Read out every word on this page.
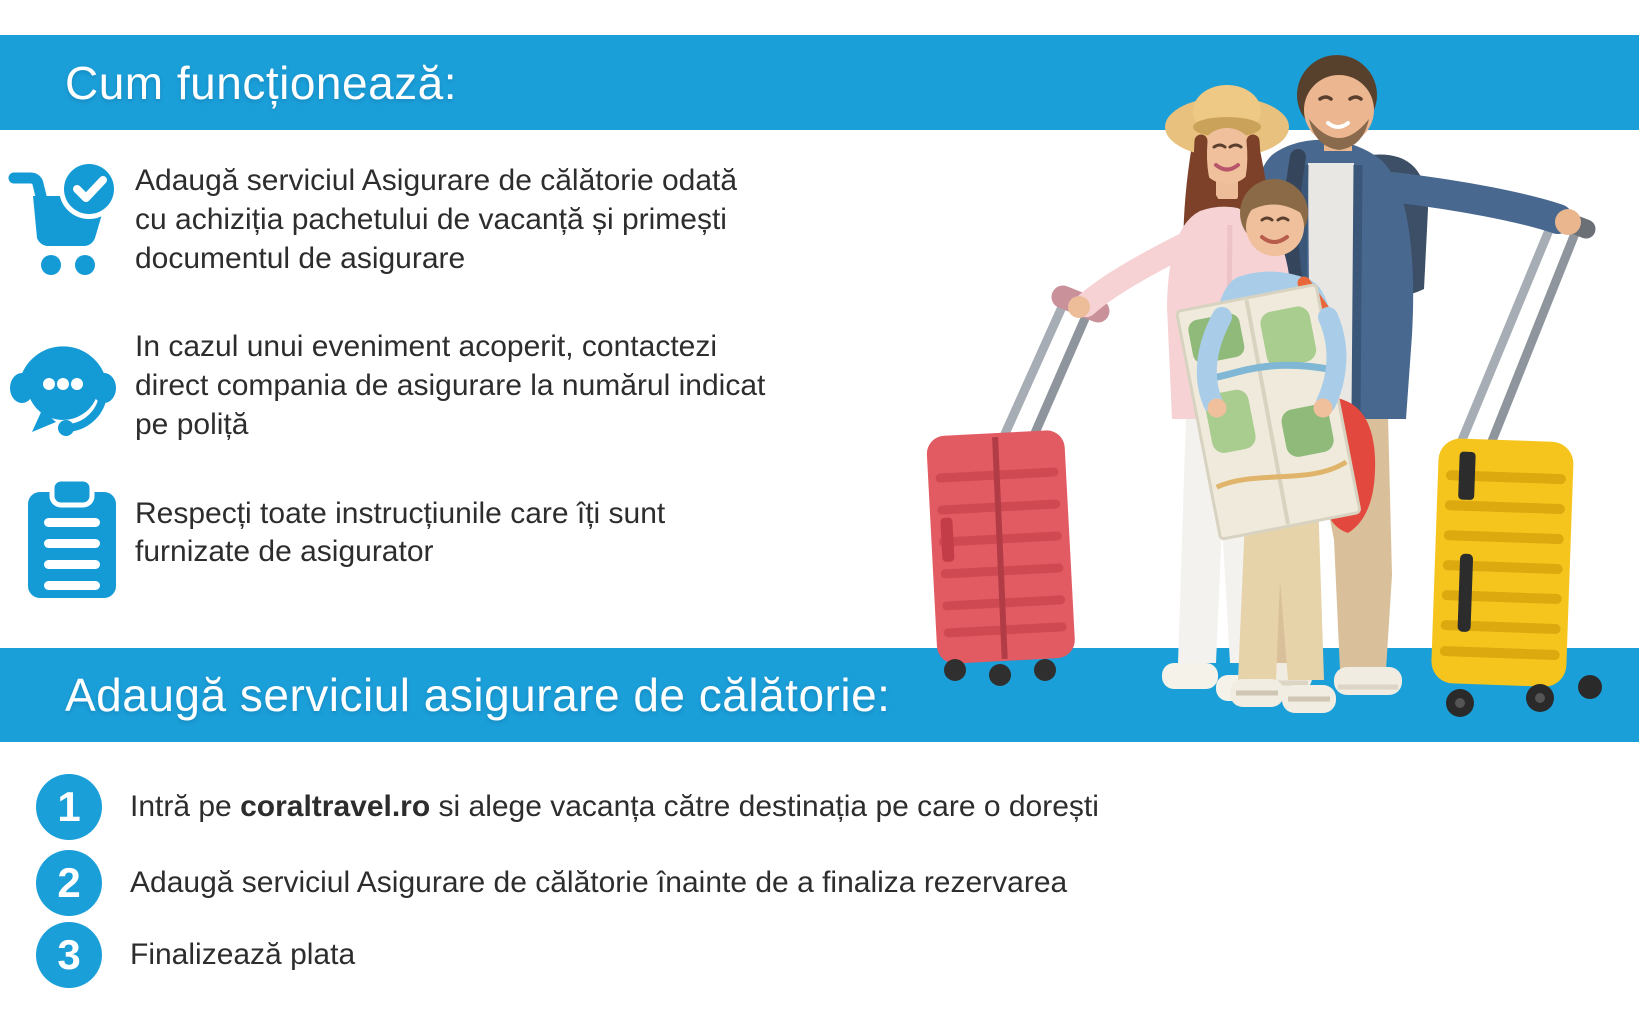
Cum funcționează:
Adaugă serviciul Asigurare de călătorie odată
cu achiziția pachetului de vacanță și primești
documentul de asigurare
In cazul unui eveniment acoperit, contactezi
direct compania de asigurare la numărul indicat
pe poliță
Respecți toate instrucțiunile care îți sunt
furnizate de asigurator
Adaugă serviciul asigurare de călătorie:
1	Intră pe coraltravel.ro si alege vacanța către destinația pe care o dorești

2	Adaugă serviciul Asigurare de călătorie înainte de a finaliza rezervarea

3	Finalizează plata
